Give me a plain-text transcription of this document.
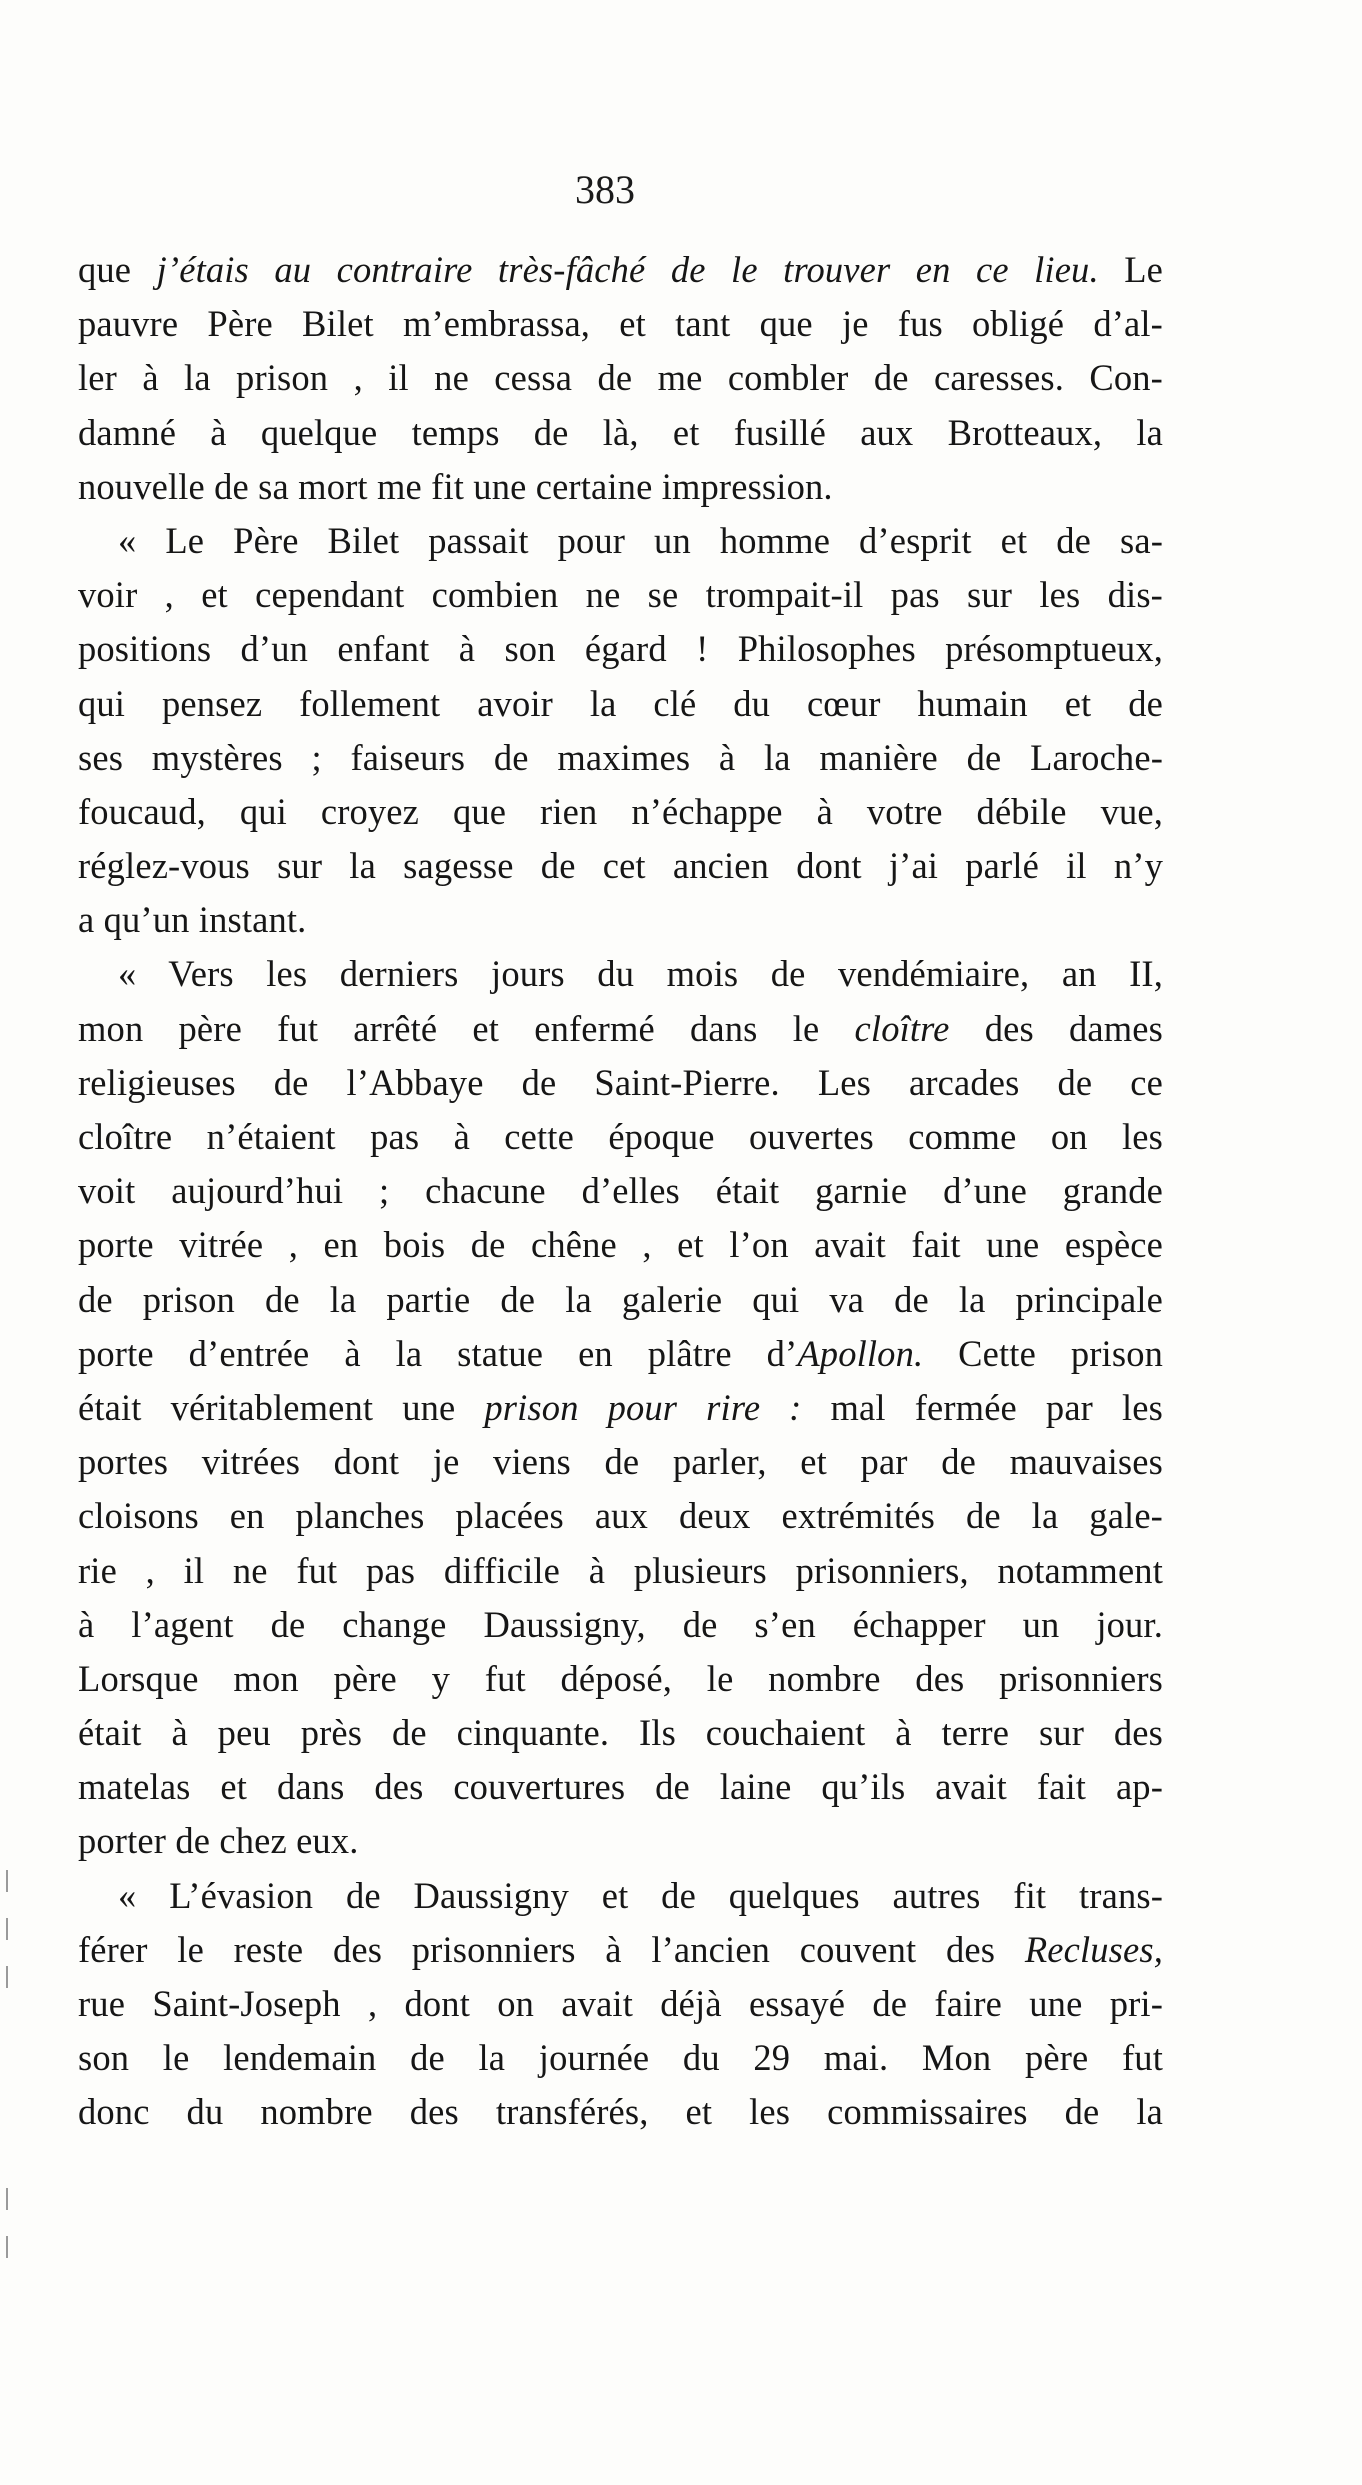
383
que j’étais au contraire très-fâché de le trouver en ce lieu. Le
pauvre Père Bilet m’embrassa, et tant que je fus obligé d’al-
ler à la prison , il ne cessa de me combler de caresses. Con-
damné à quelque temps de là, et fusillé aux Brotteaux, la
nouvelle de sa mort me fit une certaine impression.
« Le Père Bilet passait pour un homme d’esprit et de sa-
voir , et cependant combien ne se trompait-il pas sur les dis-
positions d’un enfant à son égard ! Philosophes présomptueux,
qui pensez follement avoir la clé du cœur humain et de
ses mystères ; faiseurs de maximes à la manière de Laroche-
foucaud, qui croyez que rien n’échappe à votre débile vue,
réglez-vous sur la sagesse de cet ancien dont j’ai parlé il n’y
a qu’un instant.
« Vers les derniers jours du mois de vendémiaire, an II,
mon père fut arrêté et enfermé dans le cloître des dames
religieuses de l’Abbaye de Saint-Pierre. Les arcades de ce
cloître n’étaient pas à cette époque ouvertes comme on les
voit aujourd’hui ; chacune d’elles était garnie d’une grande
porte vitrée , en bois de chêne , et l’on avait fait une espèce
de prison de la partie de la galerie qui va de la principale
porte d’entrée à la statue en plâtre d’Apollon. Cette prison
était véritablement une prison pour rire : mal fermée par les
portes vitrées dont je viens de parler, et par de mauvaises
cloisons en planches placées aux deux extrémités de la gale-
rie , il ne fut pas difficile à plusieurs prisonniers, notamment
à l’agent de change Daussigny, de s’en échapper un jour.
Lorsque mon père y fut déposé, le nombre des prisonniers
était à peu près de cinquante. Ils couchaient à terre sur des
matelas et dans des couvertures de laine qu’ils avait fait ap-
porter de chez eux.
« L’évasion de Daussigny et de quelques autres fit trans-
férer le reste des prisonniers à l’ancien couvent des Recluses,
rue Saint-Joseph , dont on avait déjà essayé de faire une pri-
son le lendemain de la journée du 29 mai. Mon père fut
donc du nombre des transférés, et les commissaires de la
